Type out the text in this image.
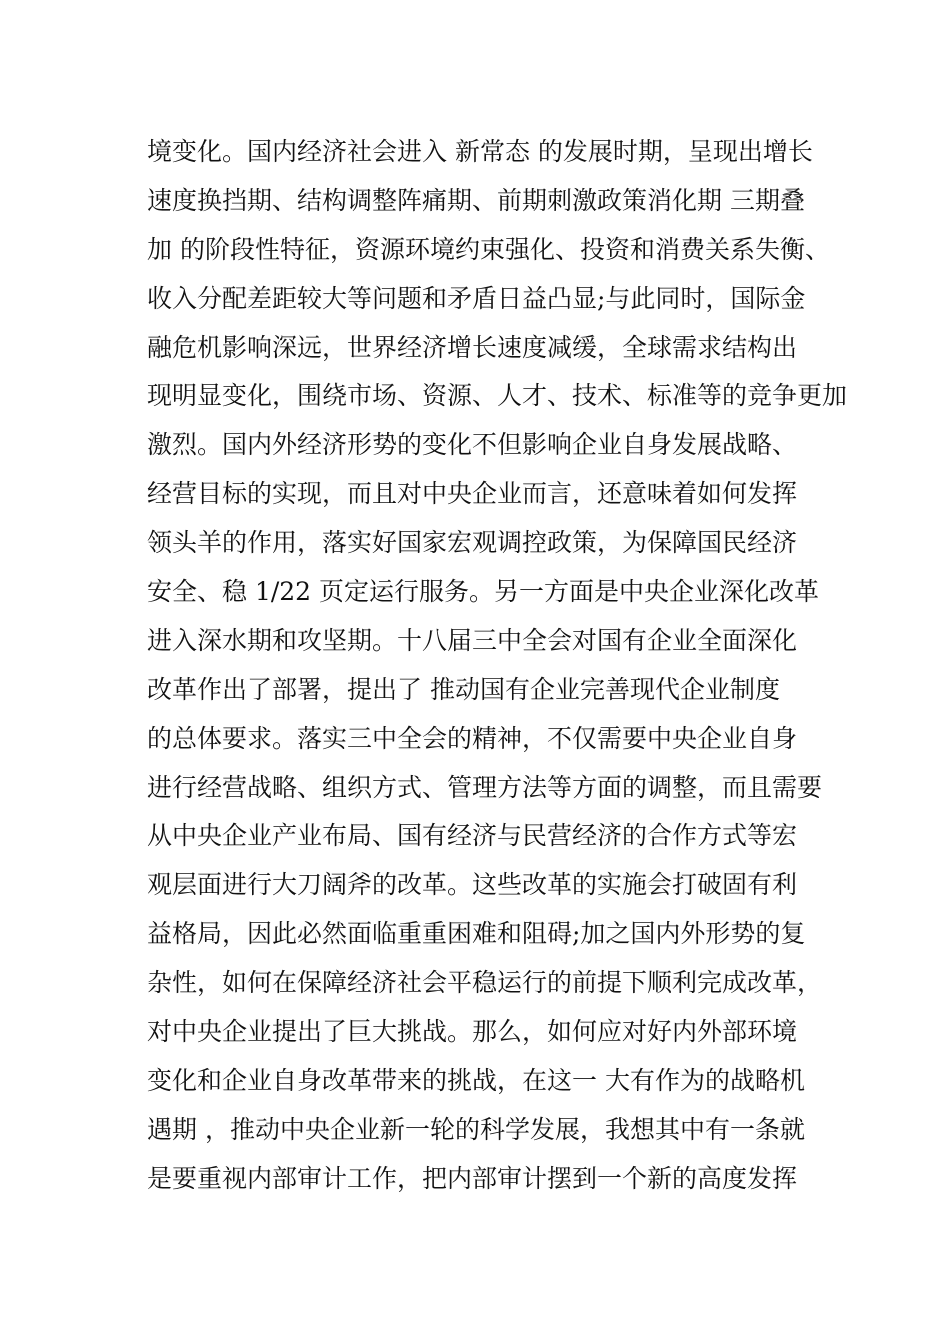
境变化。国内经济社会进入 新常态 的发展时期，呈现出增长
速度换挡期、结构调整阵痛期、前期刺激政策消化期 三期叠
加 的阶段性特征，资源环境约束强化、投资和消费关系失衡、
收入分配差距较大等问题和矛盾日益凸显;与此同时，国际金
融危机影响深远，世界经济增长速度减缓，全球需求结构出
现明显变化，围绕市场、资源、人才、技术、标准等的竞争更加
激烈。国内外经济形势的变化不但影响企业自身发展战略、
经营目标的实现，而且对中央企业而言，还意味着如何发挥
领头羊的作用，落实好国家宏观调控政策，为保障国民经济
安全、稳 1/22 页定运行服务。另一方面是中央企业深化改革
进入深水期和攻坚期。十八届三中全会对国有企业全面深化
改革作出了部署，提出了 推动国有企业完善现代企业制度
的总体要求。落实三中全会的精神，不仅需要中央企业自身
进行经营战略、组织方式、管理方法等方面的调整，而且需要
从中央企业产业布局、国有经济与民营经济的合作方式等宏
观层面进行大刀阔斧的改革。这些改革的实施会打破固有利
益格局，因此必然面临重重困难和阻碍;加之国内外形势的复
杂性，如何在保障经济社会平稳运行的前提下顺利完成改革，
对中央企业提出了巨大挑战。那么，如何应对好内外部环境
变化和企业自身改革带来的挑战，在这一 大有作为的战略机
遇期 ，推动中央企业新一轮的科学发展，我想其中有一条就
是要重视内部审计工作，把内部审计摆到一个新的高度发挥
